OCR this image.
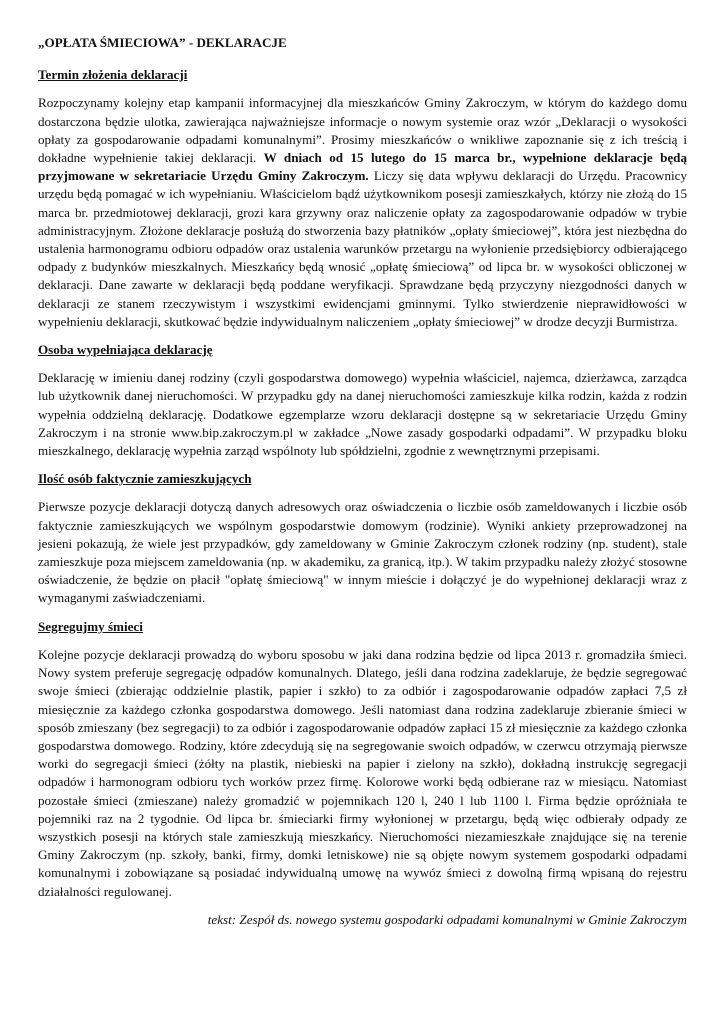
„OPŁATA ŚMIECIOWA” - DEKLARACJE

Termin złożenia deklaracji

Rozpoczynamy kolejny etap kampanii informacyjnej dla mieszkańców Gminy Zakroczym, w którym do każdego domu dostarczona będzie ulotka, zawierająca najważniejsze informacje o nowym systemie oraz wzór „Deklaracji o wysokości opłaty za gospodarowanie odpadami komunalnymi”. Prosimy mieszkańców o wnikliwe zapoznanie się z ich treścią i dokładne wypełnienie takiej deklaracji. W dniach od 15 lutego do 15 marca br., wypełnione deklaracje będą przyjmowane w sekretariacie Urzędu Gminy Zakroczym. Liczy się data wpływu deklaracji do Urzędu. Pracownicy urzędu będą pomagać w ich wypełnianiu. Właścicielom bądź użytkownikom posesji zamieszkałych, którzy nie złożą do 15 marca br. przedmiotowej deklaracji, grozi kara grzywny oraz naliczenie opłaty za zagospodarowanie odpadów w trybie administracyjnym. Złożone deklaracje posłużą do stworzenia bazy płatników „opłaty śmieciowej”, która jest niezbędna do ustalenia harmonogramu odbioru odpadów oraz ustalenia warunków przetargu na wyłonienie przedsiębiorcy odbierającego odpady z budynków mieszkalnych. Mieszkańcy będą wnosić „opłatę śmieciową” od lipca br. w wysokości obliczonej w deklaracji. Dane zawarte w deklaracji będą poddane weryfikacji. Sprawdzane będą przyczyny niezgodności danych w deklaracji ze stanem rzeczywistym i wszystkimi ewidencjami gminnymi. Tylko stwierdzenie nieprawidłowości w wypełnieniu deklaracji, skutkować będzie indywidualnym naliczeniem „opłaty śmieciowej” w drodze decyzji Burmistrza.

Osoba wypełniająca deklarację

Deklarację w imieniu danej rodziny (czyli gospodarstwa domowego) wypełnia właściciel, najemca, dzierżawca, zarządca lub użytkownik danej nieruchomości. W przypadku gdy na danej nieruchomości zamieszkuje kilka rodzin, każda z rodzin wypełnia oddzielną deklarację. Dodatkowe egzemplarze wzoru deklaracji dostępne są w sekretariacie Urzędu Gminy Zakroczym i na stronie www.bip.zakroczym.pl w zakładce „Nowe zasady gospodarki odpadami”. W przypadku bloku mieszkalnego, deklarację wypełnia zarząd wspólnoty lub spółdzielni, zgodnie z wewnętrznymi przepisami.

Ilość osób faktycznie zamieszkujących

Pierwsze pozycje deklaracji dotyczą danych adresowych oraz oświadczenia o liczbie osób zameldowanych i liczbie osób faktycznie zamieszkujących we wspólnym gospodarstwie domowym (rodzinie). Wyniki ankiety przeprowadzonej na jesieni pokazują, że wiele jest przypadków, gdy zameldowany w Gminie Zakroczym członek rodziny (np. student), stale zamieszkuje poza miejscem zameldowania (np. w akademiku, za granicą, itp.). W takim przypadku należy złożyć stosowne oświadczenie, że będzie on płacił "opłatę śmieciową" w innym mieście i dołączyć je do wypełnionej deklaracji wraz z wymaganymi zaświadczeniami.

Segregujmy śmieci

Kolejne pozycje deklaracji prowadzą do wyboru sposobu w jaki dana rodzina będzie od lipca 2013 r. gromadziła śmieci. Nowy system preferuje segregację odpadów komunalnych. Dlatego, jeśli dana rodzina zadeklaruje, że będzie segregować swoje śmieci (zbierając oddzielnie plastik, papier i szkło) to za odbiór i zagospodarowanie odpadów zapłaci 7,5 zł miesięcznie za każdego członka gospodarstwa domowego. Jeśli natomiast dana rodzina zadeklaruje zbieranie śmieci w sposób zmieszany (bez segregacji) to za odbiór i zagospodarowanie odpadów zapłaci 15 zł miesięcznie za każdego członka gospodarstwa domowego. Rodziny, które zdecydują się na segregowanie swoich odpadów, w czerwcu otrzymają pierwsze worki do segregacji śmieci (żółty na plastik, niebieski na papier i zielony na szkło), dokładną instrukcję segregacji odpadów i harmonogram odbioru tych worków przez firmę. Kolorowe worki będą odbierane raz w miesiącu. Natomiast pozostałe śmieci (zmieszane) należy gromadzić w pojemnikach 120 l, 240 l lub 1100 l. Firma będzie opróżniała te pojemniki raz na 2 tygodnie. Od lipca br. śmieciarki firmy wyłonionej w przetargu, będą więc odbierały odpady ze wszystkich posesji na których stale zamieszkują mieszkańcy. Nieruchomości niezamieszkałe znajdujące się na terenie Gminy Zakroczym (np. szkoły, banki, firmy, domki letniskowe) nie są objęte nowym systemem gospodarki odpadami komunalnymi i zobowiązane są posiadać indywidualną umowę na wywóz śmieci z dowolną firmą wpisaną do rejestru działalności regulowanej.

tekst: Zespół ds. nowego systemu gospodarki odpadami komunalnymi w Gminie Zakroczym
